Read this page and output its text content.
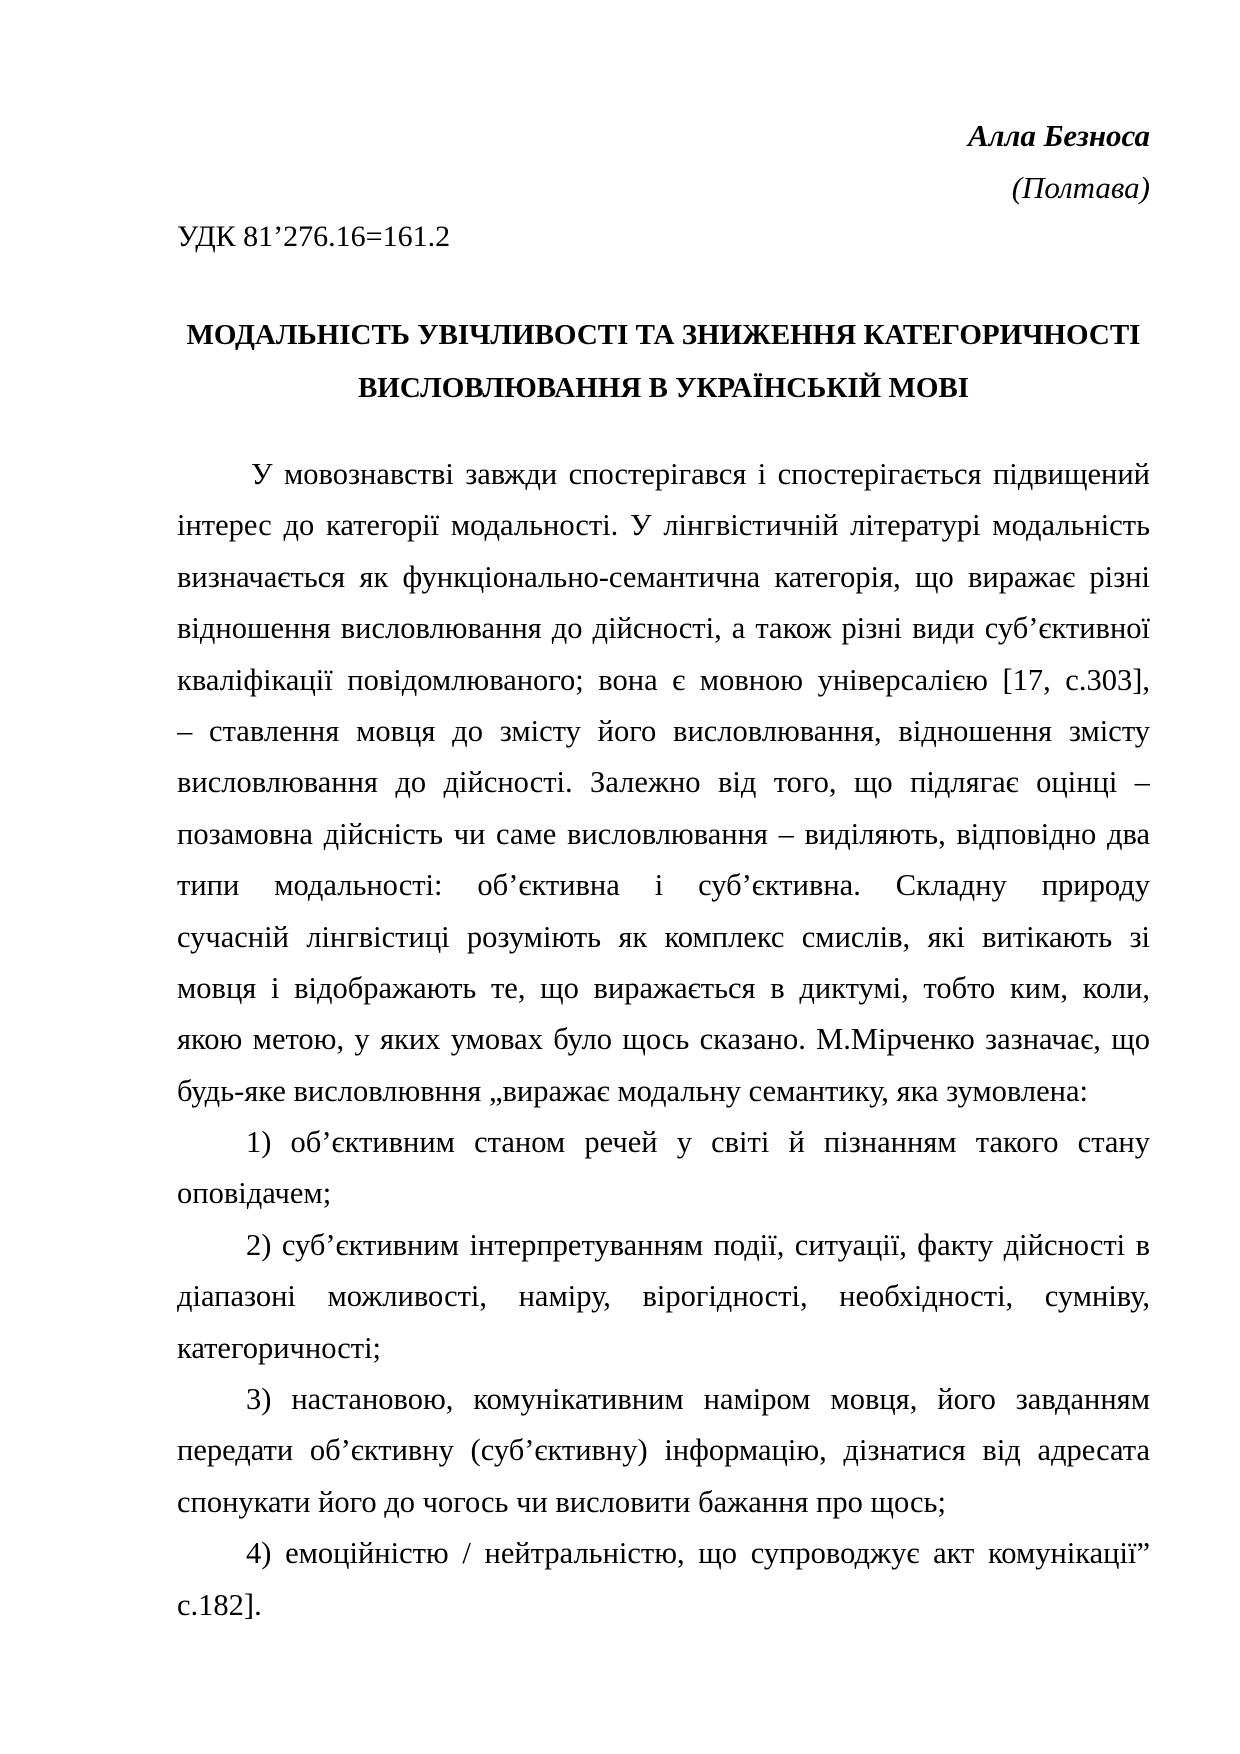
Алла Безноса
(Полтава)
УДК 81’276.16=161.2
МОДАЛЬНІСТЬ УВІЧЛИВОСТІ ТА ЗНИЖЕННЯ КАТЕГОРИЧНОСТІ
ВИСЛОВЛЮВАННЯ В УКРАЇНСЬКІЙ МОВІ
У мовознавстві завжди спостерігався і спостерігається підвищений
інтерес до категорії модальності. У лінгвістичній літературі модальність
визначається як функціонально-семантична категорія, що виражає різні
відношення висловлювання до дійсності, а також різні види суб’єктивної
кваліфікації повідомлюваного; вона є мовною універсалією [17, с.303],
– ставлення мовця до змісту його висловлювання, відношення змісту
висловлювання до дійсності. Залежно від того, що підлягає оцінці –
позамовна дійсність чи саме висловлювання – виділяють, відповідно два
типи модальності: об’єктивна і суб’єктивна. Складну природу
сучасній лінгвістиці розуміють як комплекс смислів, які витікають зі
мовця і відображають те, що виражається в диктумі, тобто ким, коли,
якою метою, у яких умовах було щось сказано. М.Мірченко зазначає, що
будь-яке висловлювння „виражає модальну семантику, яка зумовлена:
1) об’єктивним станом речей у світі й пізнанням такого стану
оповідачем;
2) суб’єктивним інтерпретуванням події, ситуації, факту дійсності в
діапазоні можливості, наміру, вірогідності, необхідності, сумніву,
категоричності;
3) настановою, комунікативним наміром мовця, його завданням
передати об’єктивну (суб’єктивну) інформацію, дізнатися від адресата
спонукати його до чогось чи висловити бажання про щось;
4) емоційністю / нейтральністю, що супроводжує акт комунікації”
с.182].
